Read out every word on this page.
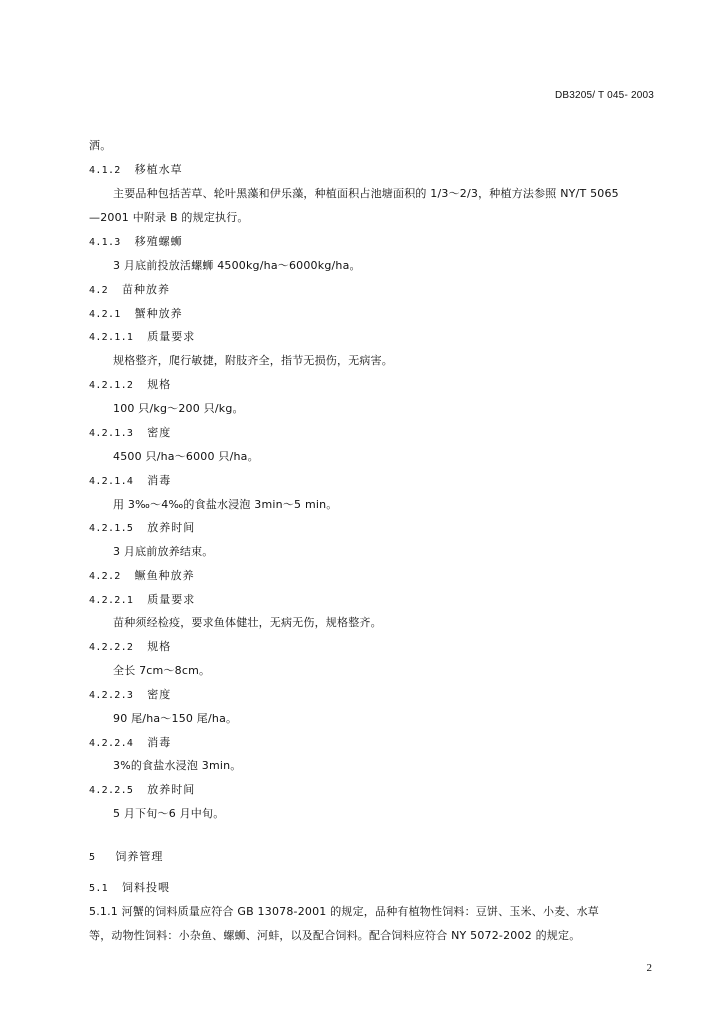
DB3205/ T 045- 2003
洒。
4.1.2 移植水草
主要品种包括苦草、轮叶黑藻和伊乐藻，种植面积占池塘面积的 1/3～2/3，种植方法参照 NY/T 5065
—2001 中附录 B 的规定执行。
4.1.3 移殖螺蛳
3 月底前投放活螺蛳 4500kg/ha～6000kg/ha。
4.2 苗种放养
4.2.1 蟹种放养
4.2.1.1 质量要求
规格整齐，爬行敏捷，附肢齐全，指节无损伤，无病害。
4.2.1.2 规格
100 只/kg～200 只/kg。
4.2.1.3 密度
4500 只/ha～6000 只/ha。
4.2.1.4 消毒
用 3‰～4‰的食盐水浸泡 3min～5 min。
4.2.1.5 放养时间
3 月底前放养结束。
4.2.2 鳜鱼种放养
4.2.2.1 质量要求
苗种须经检疫，要求鱼体健壮，无病无伤，规格整齐。
4.2.2.2 规格
全长 7cm～8cm。
4.2.2.3 密度
90 尾/ha～150 尾/ha。
4.2.2.4 消毒
3%的食盐水浸泡 3min。
4.2.2.5 放养时间
5 月下旬～6 月中旬。
5 饲养管理
5.1 饲料投喂
5.1.1 河蟹的饲料质量应符合 GB 13078-2001 的规定，品种有植物性饲料：豆饼、玉米、小麦、水草
等，动物性饲料：小杂鱼、螺蛳、河蚌，以及配合饲料。配合饲料应符合 NY 5072-2002 的规定。
2
